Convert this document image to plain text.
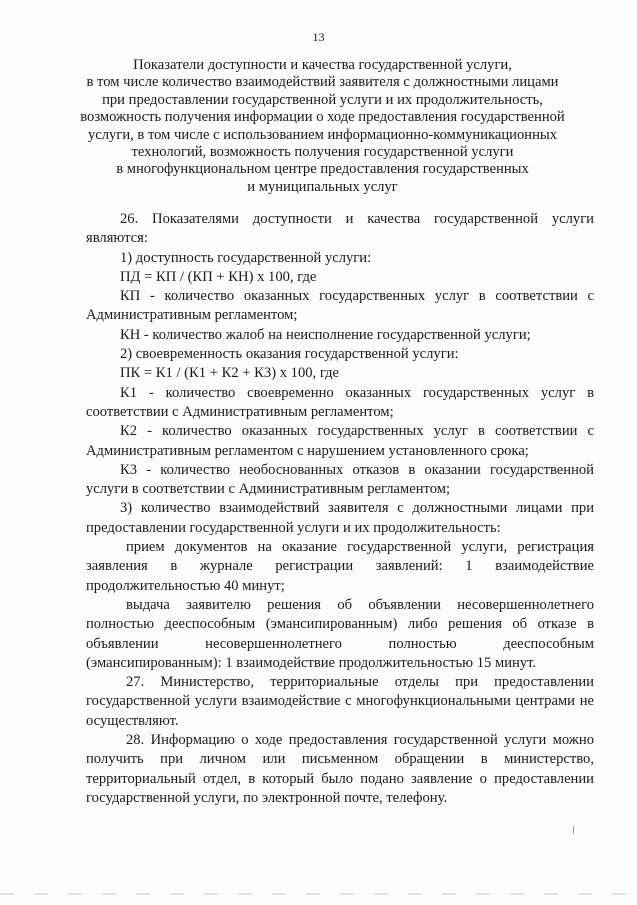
13
Показатели доступности и качества государственной услуги,
в том числе количество взаимодействий заявителя с должностными лицами
при предоставлении государственной услуги и их продолжительность,
возможность получения информации о ходе предоставления государственной
услуги, в том числе с использованием информационно-коммуникационных
технологий, возможность получения государственной услуги
в многофункциональном центре предоставления государственных
и муниципальных услуг

26. Показателями доступности и качества государственной услуги являются:

1) доступность государственной услуги:

ПД = КП / (КП + КН) х 100, где

КП - количество оказанных государственных услуг в соответствии с Административным регламентом;

КН - количество жалоб на неисполнение государственной услуги;

2) своевременность оказания государственной услуги:

ПК = К1 / (К1 + К2 + К3) х 100, где

К1 - количество своевременно оказанных государственных услуг в соответствии с Административным регламентом;

К2 - количество оказанных государственных услуг в соответствии с Административным регламентом с нарушением установленного срока;

К3 - количество необоснованных отказов в оказании государственной услуги в соответствии с Административным регламентом;

3) количество взаимодействий заявителя с должностными лицами при предоставлении государственной услуги и их продолжительность:

прием документов на оказание государственной услуги, регистрация заявления в журнале регистрации заявлений: 1 взаимодействие продолжительностью 40 минут;

выдача заявителю решения об объявлении несовершеннолетнего полностью дееспособным (эмансипированным) либо решения об отказе в объявлении несовершеннолетнего полностью дееспособным (эмансипированным): 1 взаимодействие продолжительностью 15 минут.

27. Министерство, территориальные отделы при предоставлении государственной услуги взаимодействие с многофункциональными центрами не осуществляют.

28. Информацию о ходе предоставления государственной услуги можно получить при личном или письменном обращении в министерство, территориальный отдел, в который было подано заявление о предоставлении государственной услуги, по электронной почте, телефону.
